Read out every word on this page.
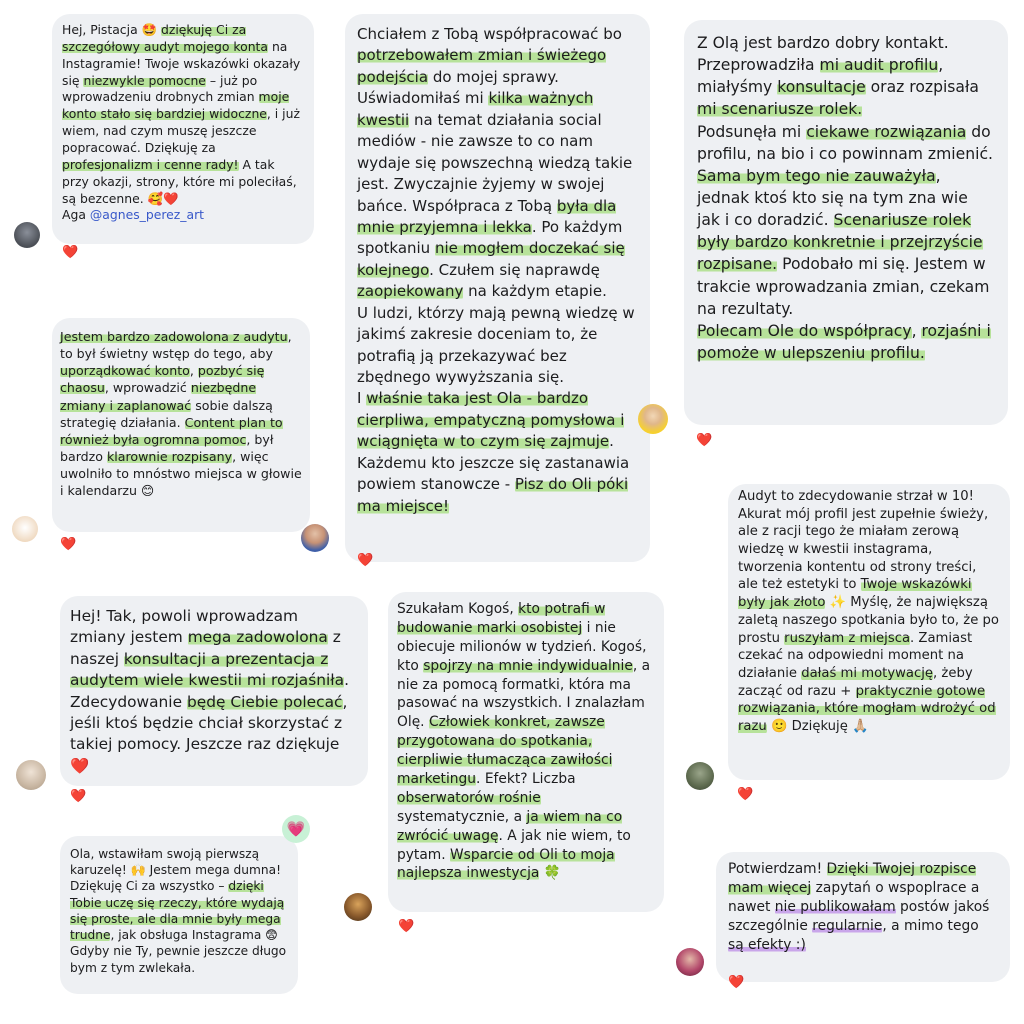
Hej, Pistacja 🤩 dziękuję Ci za szczegółowy audyt mojego konta na Instagramie! Twoje wskazówki okazały się niezwykle pomocne – już po wprowadzeniu drobnych zmian moje konto stało się bardziej widoczne, i już wiem, nad czym muszę jeszcze popracować. Dziękuję za profesjonalizm i cenne rady! A tak przy okazji, strony, które mi poleciłaś, są bezcenne. 🥰❤️
Aga @agnes_perez_art

❤️

Chciałem z Tobą współpracować bo potrzebowałem zmian i świeżego podejścia do mojej sprawy. Uświadomiłaś mi kilka ważnych kwestii na temat działania social mediów - nie zawsze to co nam wydaje się powszechną wiedzą takie jest. Zwyczajnie żyjemy w swojej bańce. Współpraca z Tobą była dla mnie przyjemna i lekka. Po każdym spotkaniu nie mogłem doczekać się kolejnego. Czułem się naprawdę zaopiekowany na każdym etapie.
U ludzi, którzy mają pewną wiedzę w jakimś zakresie doceniam to, że potrafią ją przekazywać bez zbędnego wywyższania się.
I właśnie taka jest Ola - bardzo cierpliwa, empatyczną pomysłowa i wciągnięta w to czym się zajmuje.
Każdemu kto jeszcze się zastanawia powiem stanowcze - Pisz do Oli póki ma miejsce!

❤️

Z Olą jest bardzo dobry kontakt. Przeprowadziła mi audit profilu, miałyśmy konsultacje oraz rozpisała mi scenariusze rolek.
Podsunęła mi ciekawe rozwiązania do profilu, na bio i co powinnam zmienić. Sama bym tego nie zauważyła, jednak ktoś kto się na tym zna wie jak i co doradzić. Scenariusze rolek były bardzo konkretnie i przejrzyście rozpisane. Podobało mi się. Jestem w trakcie wprowadzania zmian, czekam na rezultaty.
Polecam Ole do współpracy, rozjaśni i pomoże w ulepszeniu profilu.

❤️

Jestem bardzo zadowolona z audytu, to był świetny wstęp do tego, aby uporządkować konto, pozbyć się chaosu, wprowadzić niezbędne zmiany i zaplanować sobie dalszą strategię działania. Content plan to również była ogromna pomoc, był bardzo klarownie rozpisany, więc uwolniło to mnóstwo miejsca w głowie i kalendarzu 😊

❤️

Audyt to zdecydowanie strzał w 10! Akurat mój profil jest zupełnie świeży, ale z racji tego że miałam zerową wiedzę w kwestii instagrama, tworzenia kontentu od strony treści, ale też estetyki to Twoje wskazówki były jak złoto ✨ Myślę, że największą zaletą naszego spotkania było to, że po prostu ruszyłam z miejsca. Zamiast czekać na odpowiedni moment na działanie dałaś mi motywację, żeby zacząć od razu + praktycznie gotowe rozwiązania, które mogłam wdrożyć od razu 🙂 Dziękuję 🙏🏼

❤️

Hej! Tak, powoli wprowadzam zmiany jestem mega zadowolona z naszej konsultacji a prezentacja z audytem wiele kwestii mi rozjaśniła. Zdecydowanie będę Ciebie polecać, jeśli ktoś będzie chciał skorzystać z takiej pomocy. Jeszcze raz dziękuje ❤️

❤️

Szukałam Kogoś, kto potrafi w budowanie marki osobistej i nie obiecuje milionów w tydzień. Kogoś, kto spojrzy na mnie indywidualnie, a nie za pomocą formatki, która ma pasować na wszystkich. I znalazłam Olę. Człowiek konkret, zawsze przygotowana do spotkania, cierpliwie tłumacząca zawiłości marketingu. Efekt? Liczba obserwatorów rośnie systematycznie, a ja wiem na co zwrócić uwagę. A jak nie wiem, to pytam. Wsparcie od Oli to moja najlepsza inwestycja 🍀

❤️

Ola, wstawiłam swoją pierwszą karuzelę! 🙌 Jestem mega dumna! Dziękuję Ci za wszystko – dzięki Tobie uczę się rzeczy, które wydają się proste, ale dla mnie były mega trudne, jak obsługa Instagrama 😨 Gdyby nie Ty, pewnie jeszcze długo bym z tym zwlekała.

💗

Potwierdzam! Dzięki Twojej rozpisce mam więcej zapytań o wspoplrace a nawet nie publikowałam postów jakoś szczególnie regularnie, a mimo tego są efekty :)

❤️
